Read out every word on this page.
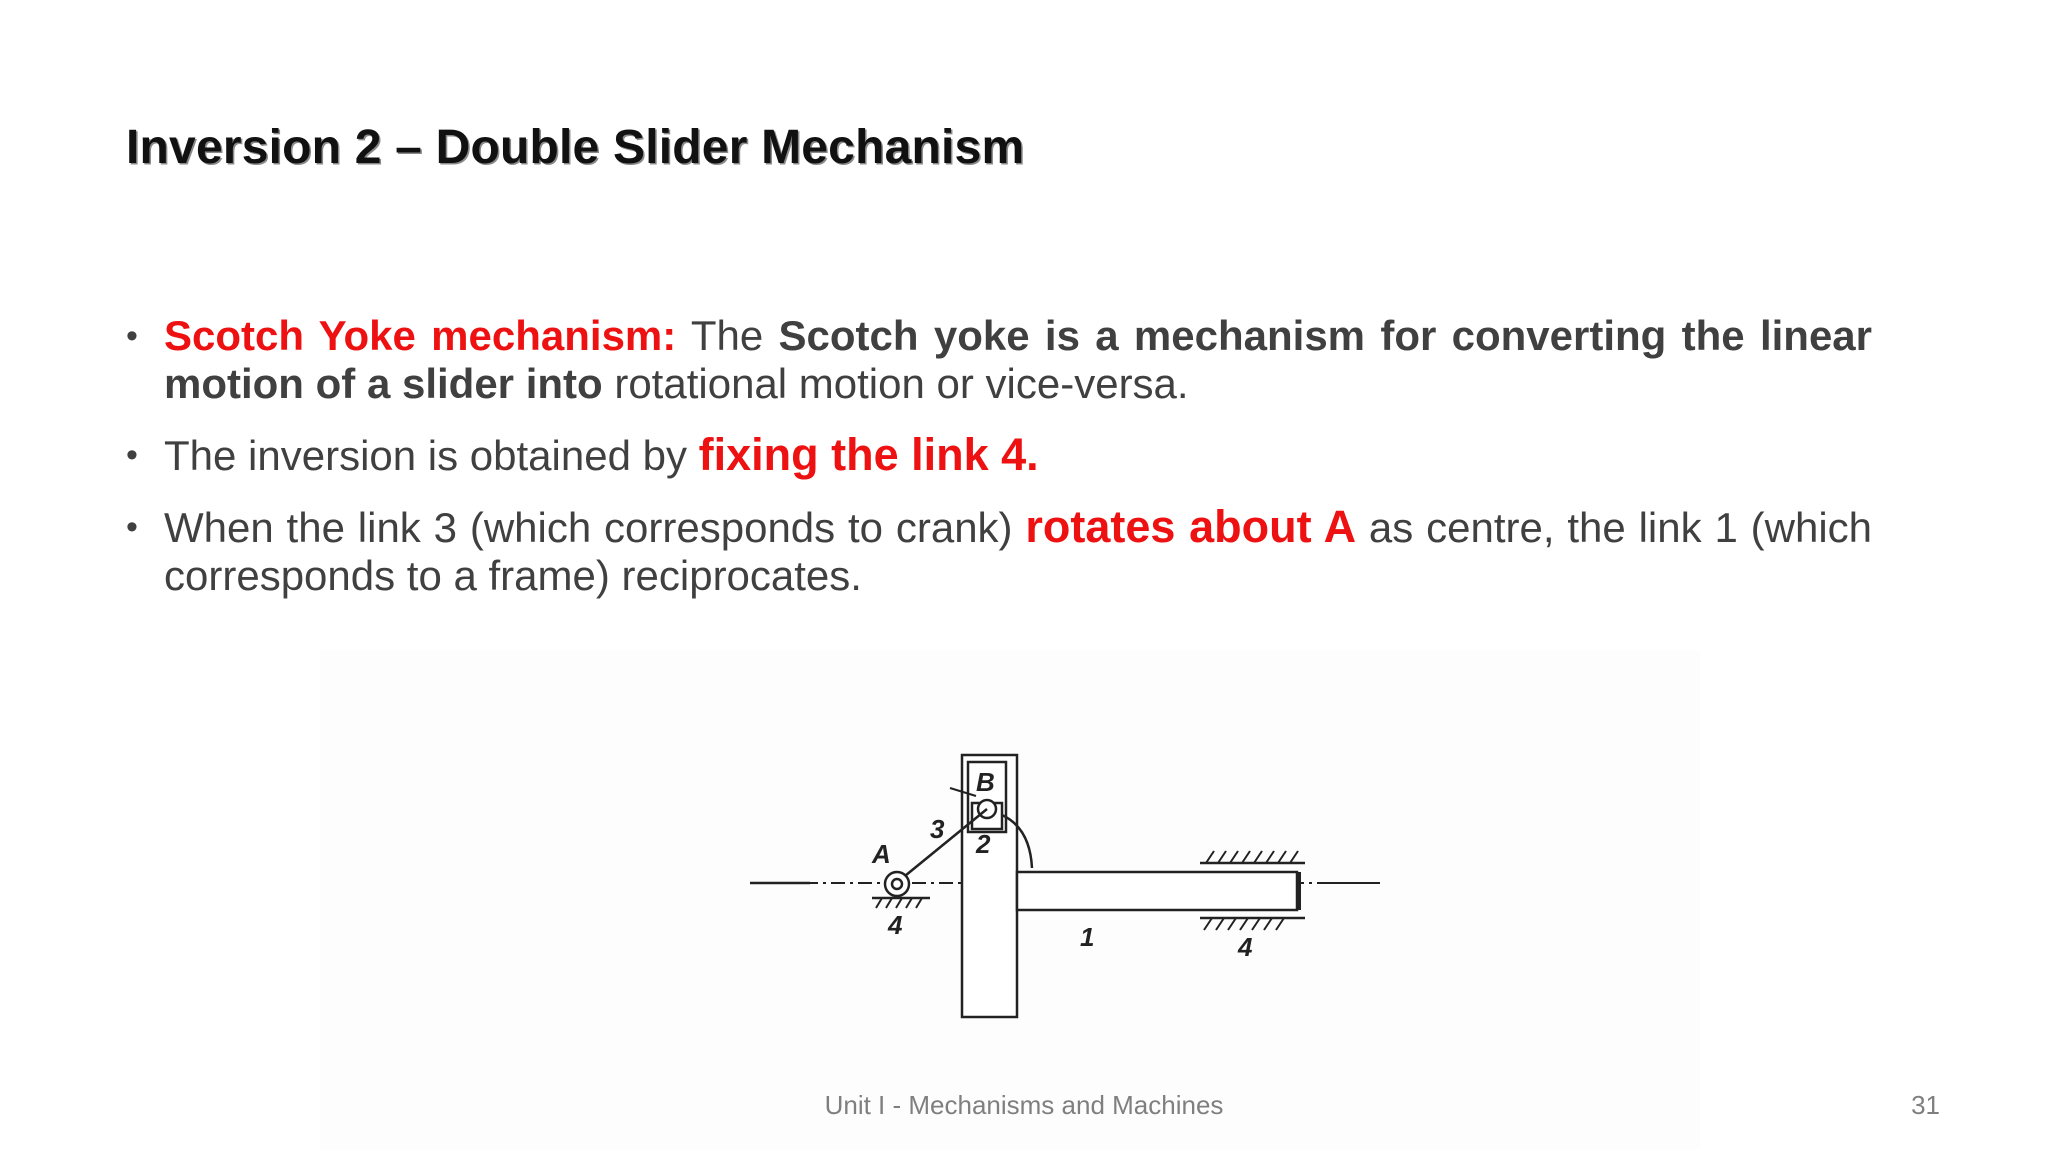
Inversion 2 – Double Slider Mechanism
• Scotch Yoke mechanism: The Scotch yoke is a mechanism for converting the linear motion of a slider into rotational motion or vice-versa.
• The inversion is obtained by fixing the link 4.
• When the link 3 (which corresponds to crank) rotates about A as centre, the link 1 (which corresponds to a frame) reciprocates.
A
B
3 2
1
4
4
Unit I - Mechanisms and Machines	31
